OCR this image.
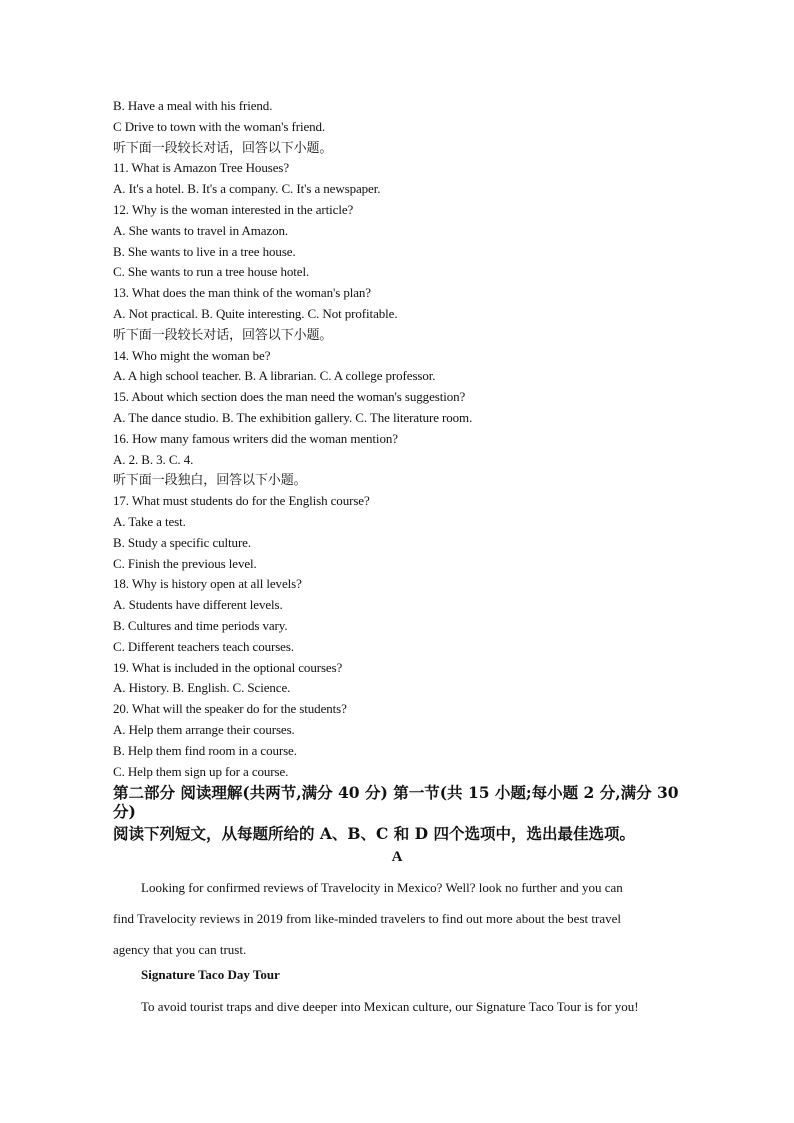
B. Have a meal with his friend.
C Drive to town with the woman's friend.
听下面一段较长对话，回答以下小题。
11. What is Amazon Tree Houses?
A. It's a hotel. B. It's a company. C. It's a newspaper.
12. Why is the woman interested in the article?
A. She wants to travel in Amazon.
B. She wants to live in a tree house.
C. She wants to run a tree house hotel.
13. What does the man think of the woman's plan?
A. Not practical. B. Quite interesting. C. Not profitable.
听下面一段较长对话，回答以下小题。
14. Who might the woman be?
A. A high school teacher. B. A librarian. C. A college professor.
15. About which section does the man need the woman's suggestion?
A. The dance studio. B. The exhibition gallery. C. The literature room.
16. How many famous writers did the woman mention?
A. 2. B. 3. C. 4.
听下面一段独白，回答以下小题。
17. What must students do for the English course?
A. Take a test.
B. Study a specific culture.
C. Finish the previous level.
18. Why is history open at all levels?
A. Students have different levels.
B. Cultures and time periods vary.
C. Different teachers teach courses.
19. What is included in the optional courses?
A. History. B. English. C. Science.
20. What will the speaker do for the students?
A. Help them arrange their courses.
B. Help them find room in a course.
C. Help them sign up for a course.
第二部分 阅读理解(共两节,满分 40 分) 第一节(共 15 小题;每小题 2 分,满分 30 分)
阅读下列短文，从每题所给的 A、B、C 和 D 四个选项中，选出最佳选项。
A
Looking for confirmed reviews of Travelocity in Mexico? Well? look no further and you can
find Travelocity reviews in 2019 from like-minded travelers to find out more about the best travel
agency that you can trust.
Signature Taco Day Tour
To avoid tourist traps and dive deeper into Mexican culture, our Signature Taco Tour is for you!
